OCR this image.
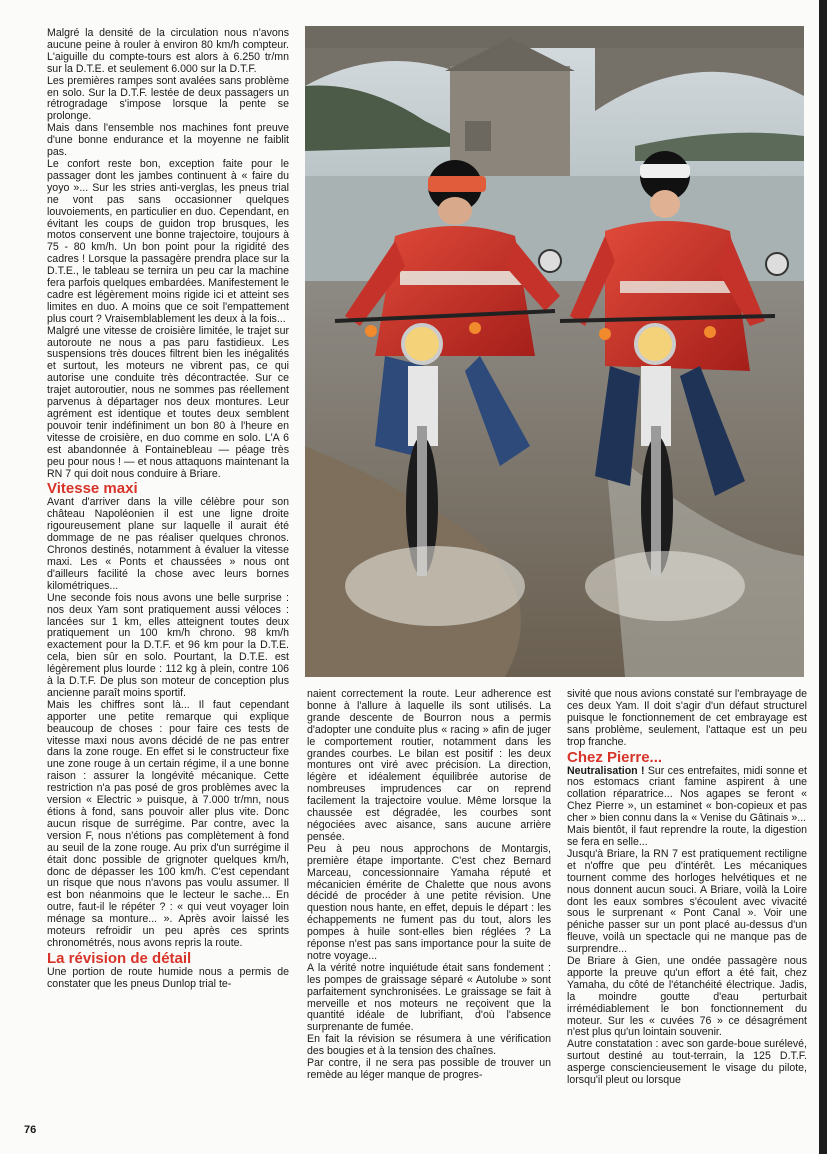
Malgré la densité de la circulation nous n'avons aucune peine à rouler à environ 80 km/h compteur. L'aiguille du compte-tours est alors à 6.250 tr/mn sur la D.T.E. et seulement 6.000 sur la D.T.F.

Les premières rampes sont avalées sans problème en solo. Sur la D.T.F. lestée de deux passagers un rétrogradage s'impose lorsque la pente se prolonge.

Mais dans l'ensemble nos machines font preuve d'une bonne endurance et la moyenne ne faiblit pas.

Le confort reste bon, exception faite pour le passager dont les jambes continuent à « faire du yoyo »... Sur les stries anti-verglas, les pneus trial ne vont pas sans occasionner quelques louvoiements, en particulier en duo. Cependant, en évitant les coups de guidon trop brusques, les motos conservent une bonne trajectoire, toujours à 75 - 80 km/h. Un bon point pour la rigidité des cadres ! Lorsque la passagère prendra place sur la D.T.E., le tableau se ternira un peu car la machine fera parfois quelques embardées. Manifestement le cadre est légèrement moins rigide ici et atteint ses limites en duo. A moins que ce soit l'empattement plus court ? Vraisemblablement les deux à la fois...

Malgré une vitesse de croisière limitée, le trajet sur autoroute ne nous a pas paru fastidieux. Les suspensions très douces filtrent bien les inégalités et surtout, les moteurs ne vibrent pas, ce qui autorise une conduite très décontractée. Sur ce trajet autoroutier, nous ne sommes pas réellement parvenus à départager nos deux montures. Leur agrément est identique et toutes deux semblent pouvoir tenir indéfiniment un bon 80 à l'heure en vitesse de croisière, en duo comme en solo. L'A 6 est abandonnée à Fontainebleau — péage très peu pour nous ! — et nous attaquons maintenant la RN 7 qui doit nous conduire à Briare.

Vitesse maxi

Avant d'arriver dans la ville célèbre pour son château Napoléonien il est une ligne droite rigoureusement plane sur laquelle il aurait été dommage de ne pas réaliser quelques chronos. Chronos destinés, notamment à évaluer la vitesse maxi. Les « Ponts et chaussées » nous ont d'ailleurs facilité la chose avec leurs bornes kilométriques...

Une seconde fois nous avons une belle surprise : nos deux Yam sont pratiquement aussi véloces : lancées sur 1 km, elles atteignent toutes deux pratiquement un 100 km/h chrono. 98 km/h exactement pour la D.T.F. et 96 km pour la D.T.E. cela, bien sûr en solo. Pourtant, la D.T.E. est légèrement plus lourde : 112 kg à plein, contre 106 à la D.T.F. De plus son moteur de conception plus ancienne paraît moins sportif.

Mais les chiffres sont là... Il faut cependant apporter une petite remarque qui explique beaucoup de choses : pour faire ces tests de vitesse maxi nous avons décidé de ne pas entrer dans la zone rouge. En effet si le constructeur fixe une zone rouge à un certain régime, il a une bonne raison : assurer la longévité mécanique. Cette restriction n'a pas posé de gros problèmes avec la version « Electric » puisque, à 7.000 tr/mn, nous étions à fond, sans pouvoir aller plus vite. Donc aucun risque de surrégime. Par contre, avec la version F, nous n'étions pas complètement à fond au seuil de la zone rouge. Au prix d'un surrégime il était donc possible de grignoter quelques km/h, donc de dépasser les 100 km/h. C'est cependant un risque que nous n'avons pas voulu assumer. Il est bon néanmoins que le lecteur le sache... En outre, faut-il le répéter ? : « qui veut voyager loin ménage sa monture... ». Après avoir laissé les moteurs refroidir un peu après ces sprints chronométrés, nous avons repris la route.

La révision de détail

Une portion de route humide nous a permis de constater que les pneus Dunlop trial te-

naient correctement la route. Leur adherence est bonne à l'allure à laquelle ils sont utilisés. La grande descente de Bourron nous a permis d'adopter une conduite plus « racing » afin de juger le comportement routier, notamment dans les grandes courbes. Le bilan est positif : les deux montures ont viré avec précision. La direction, légère et idéalement équilibrée autorise de nombreuses imprudences car on reprend facilement la trajectoire voulue. Même lorsque la chaussée est dégradée, les courbes sont négociées avec aisance, sans aucune arrière pensée.

Peu à peu nous approchons de Montargis, première étape importante. C'est chez Bernard Marceau, concessionnaire Yamaha réputé et mécanicien émérite de Chalette que nous avons décidé de procéder à une petite révision. Une question nous hante, en effet, depuis le départ : les échappements ne fument pas du tout, alors les pompes à huile sont-elles bien réglées ? La réponse n'est pas sans importance pour la suite de notre voyage...

A la vérité notre inquiétude était sans fondement : les pompes de graissage séparé « Autolube » sont parfaitement synchronisées. Le graissage se fait à merveille et nos moteurs ne reçoivent que la quantité idéale de lubrifiant, d'où l'absence surprenante de fumée.

En fait la révision se résumera à une vérification des bougies et à la tension des chaînes.

Par contre, il ne sera pas possible de trouver un remède au léger manque de progres-

sivité que nous avions constaté sur l'embrayage de ces deux Yam. Il doit s'agir d'un défaut structurel puisque le fonctionnement de cet embrayage est sans problème, seulement, l'attaque est un peu trop franche.

Chez Pierre...

Neutralisation ! Sur ces entrefaites, midi sonne et nos estomacs criant famine aspirent à une collation réparatrice... Nos agapes se feront « Chez Pierre », un estaminet « bon-copieux et pas cher » bien connu dans la « Venise du Gâtinais »...

Mais bientôt, il faut reprendre la route, la digestion se fera en selle...

Jusqu'à Briare, la RN 7 est pratiquement rectiligne et n'offre que peu d'intérêt. Les mécaniques tournent comme des horloges helvétiques et ne nous donnent aucun souci. A Briare, voilà la Loire dont les eaux sombres s'écoulent avec vivacité sous le surprenant « Pont Canal ». Voir une péniche passer sur un pont placé au-dessus d'un fleuve, voilà un spectacle qui ne manque pas de surprendre...

De Briare à Gien, une ondée passagère nous apporte la preuve qu'un effort a été fait, chez Yamaha, du côté de l'étanchéité électrique. Jadis, la moindre goutte d'eau perturbait irrémédiablement le bon fonctionnement du moteur. Sur les « cuvées 76 » ce désagrément n'est plus qu'un lointain souvenir.

Autre constatation : avec son garde-boue surélevé, surtout destiné au tout-terrain, la 125 D.T.F. asperge consciencieusement le visage du pilote, lorsqu'il pleut ou lorsque

76
